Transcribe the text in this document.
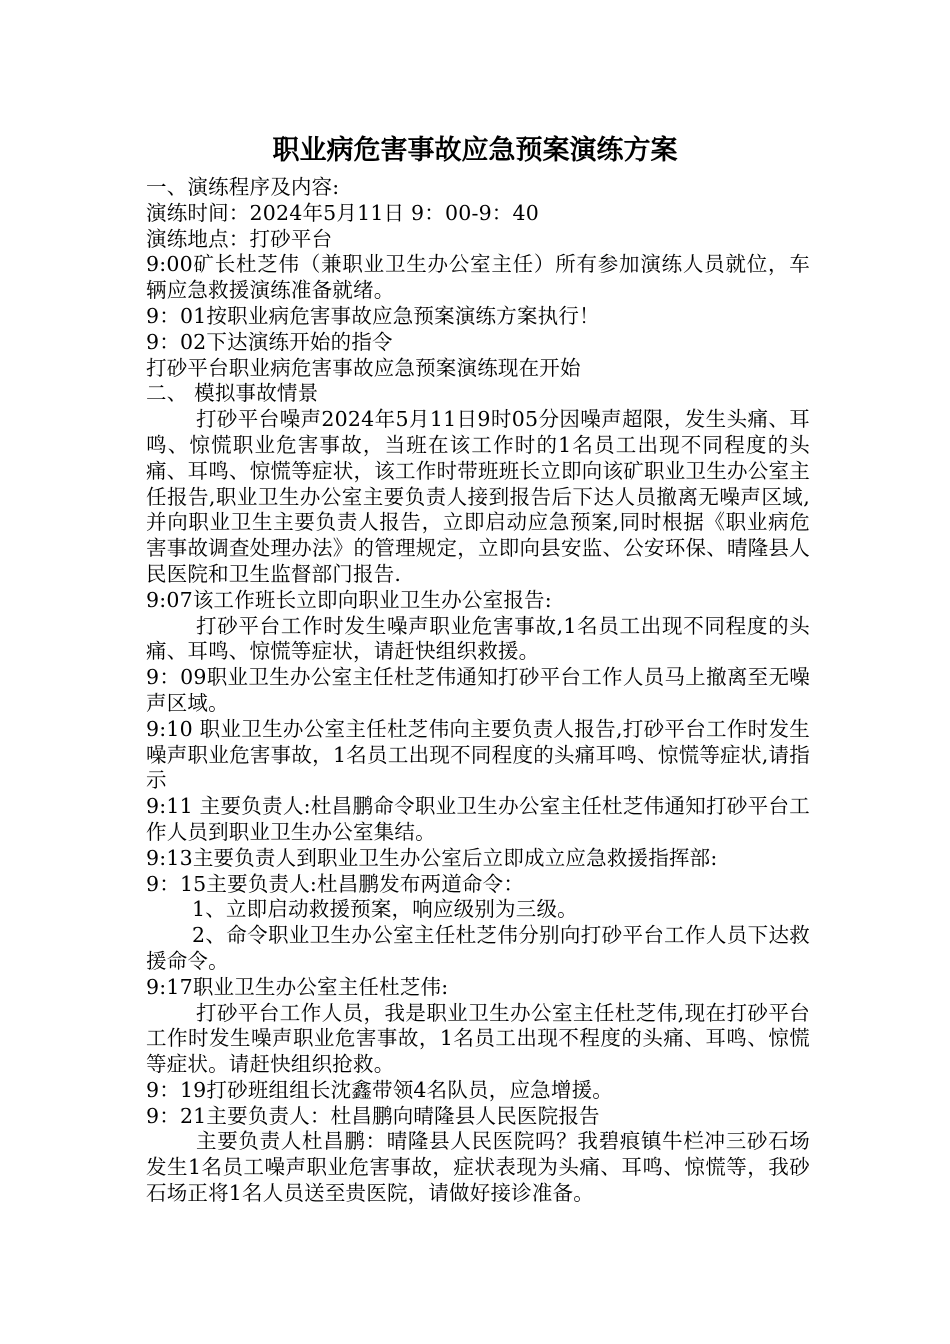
职业病危害事故应急预案演练方案

一、演练程序及内容:

演练时间：2024年5月11日 9：00-9：40

演练地点：打砂平台

9:00矿长杜芝伟（兼职业卫生办公室主任）所有参加演练人员就位，车辆应急救援演练准备就绪。

9：01按职业病危害事故应急预案演练方案执行！

9：02下达演练开始的指令

打砂平台职业病危害事故应急预案演练现在开始

二、 模拟事故情景

打砂平台噪声2024年5月11日9时05分因噪声超限，发生头痛、耳鸣、惊慌职业危害事故，当班在该工作时的1名员工出现不同程度的头痛、耳鸣、惊慌等症状，该工作时带班班长立即向该矿职业卫生办公室主任报告,职业卫生办公室主要负责人接到报告后下达人员撤离无噪声区域,并向职业卫生主要负责人报告，立即启动应急预案,同时根据《职业病危害事故调查处理办法》的管理规定，立即向县安监、公安环保、晴隆县人民医院和卫生监督部门报告.

9:07该工作班长立即向职业卫生办公室报告:

打砂平台工作时发生噪声职业危害事故,1名员工出现不同程度的头痛、耳鸣、惊慌等症状，请赶快组织救援。

9：09职业卫生办公室主任杜芝伟通知打砂平台工作人员马上撤离至无噪声区域。

9:10 职业卫生办公室主任杜芝伟向主要负责人报告,打砂平台工作时发生噪声职业危害事故，1名员工出现不同程度的头痛耳鸣、惊慌等症状,请指示

9:11 主要负责人:杜昌鹏命令职业卫生办公室主任杜芝伟通知打砂平台工作人员到职业卫生办公室集结。

9:13主要负责人到职业卫生办公室后立即成立应急救援指挥部:

9：15主要负责人:杜昌鹏发布两道命令：

1、立即启动救援预案，响应级别为三级。

2、命令职业卫生办公室主任杜芝伟分别向打砂平台工作人员下达救援命令。

9:17职业卫生办公室主任杜芝伟:

打砂平台工作人员，我是职业卫生办公室主任杜芝伟,现在打砂平台工作时发生噪声职业危害事故，1名员工出现不程度的头痛、耳鸣、惊慌等症状。请赶快组织抢救。

9：19打砂班组组长沈鑫带领4名队员，应急增援。

9：21主要负责人：杜昌鹏向晴隆县人民医院报告

主要负责人杜昌鹏：晴隆县人民医院吗？我碧痕镇牛栏冲三砂石场发生1名员工噪声职业危害事故，症状表现为头痛、耳鸣、惊慌等，我砂石场正将1名人员送至贵医院，请做好接诊准备。
